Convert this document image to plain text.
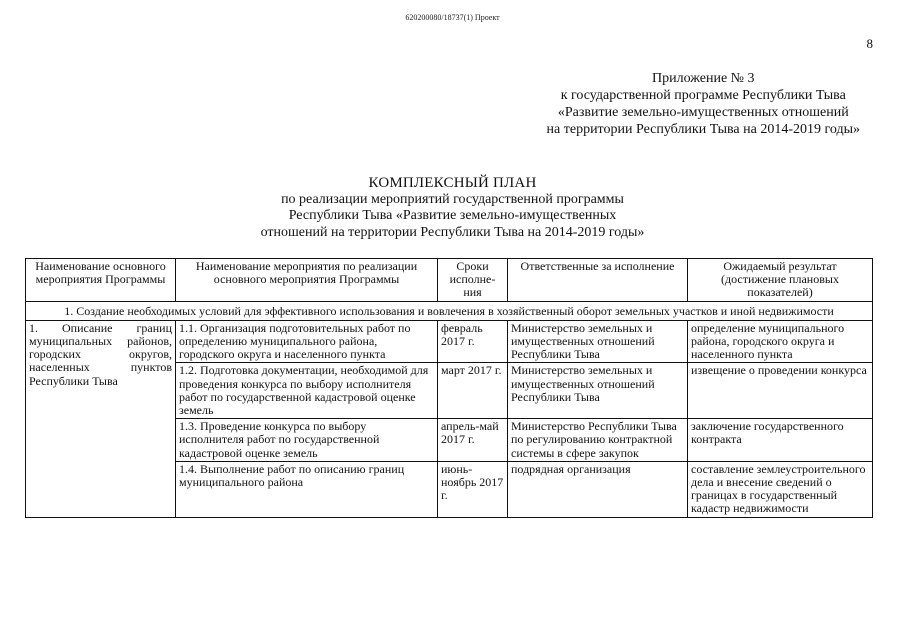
620200080/18737(1) Проект
8
Приложение № 3
к государственной программе Республики Тыва
«Развитие земельно-имущественных отношений
на территории Республики Тыва на 2014-2019 годы»
КОМПЛЕКСНЫЙ ПЛАН
по реализации мероприятий государственной программы
Республики Тыва «Развитие земельно-имущественных
отношений на территории Республики Тыва на 2014-2019 годы»
Наименование основного мероприятия Программы	Наименование мероприятия по реализации основного мероприятия Программы	Сроки исполне-ния	Ответственные за исполнение	Ожидаемый результат (достижение плановых показателей)
1. Создание необходимых условий для эффективного использования и вовлечения в хозяйственный оборот земельных участков и иной недвижимости				
1. Описание границ муниципальных районов, городских округов, населенных пунктов Республики Тыва	1.1. Организация подготовительных работ по определению муниципального района, городского округа и населенного пункта	февраль 2017 г.	Министерство земельных и имущественных отношений Республики Тыва	определение муниципального района, городского округа и населенного пункта
	1.2. Подготовка документации, необходимой для проведения конкурса по выбору исполнителя работ по государственной кадастровой оценке земель	март 2017 г.	Министерство земельных и имущественных отношений Республики Тыва	извещение о проведении конкурса
	1.3. Проведение конкурса по выбору исполнителя работ по государственной кадастровой оценке земель	апрель-май 2017 г.	Министерство Республики Тыва по регулированию контрактной системы в сфере закупок	заключение государственного контракта
	1.4. Выполнение работ по описанию границ муниципального района	июнь-ноябрь 2017 г.	подрядная организация	составление землеустроительного дела и внесение сведений о границах в государственный кадастр недвижимости
